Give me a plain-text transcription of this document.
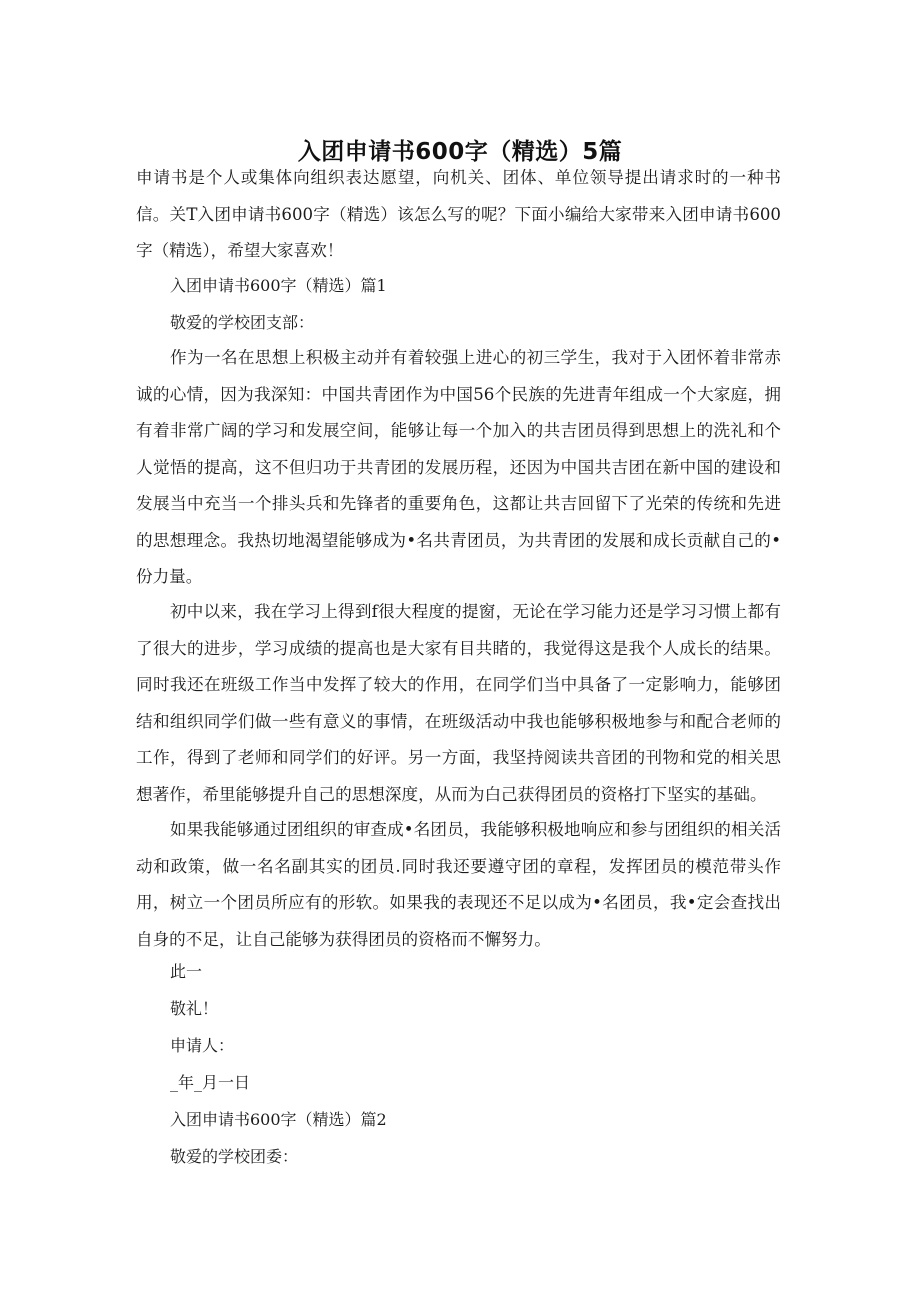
入团申请书600字（精选）5篇

申请书是个人或集体向组织表达愿望，向机关、团体、单位领导提出请求时的一种书信。关T入团申请书600字（精选）该怎么写的呢？下面小编给大家带来入团申请书600字（精选），希望大家喜欢！

入团申请书600字（精选）篇1

敬爱的学校团支部：

作为一名在思想上积极主动并有着较强上进心的初三学生，我对于入团怀着非常赤诚的心情，因为我深知：中国共青团作为中国56个民族的先进青年组成一个大家庭，拥有着非常广阔的学习和发展空间，能够让每一个加入的共吉团员得到思想上的洗礼和个人觉悟的提高，这不但归功于共青团的发展历程，还因为中国共吉团在新中国的建设和发展当中充当一个排头兵和先锋者的重要角色，这都让共吉回留下了光荣的传统和先进的思想理念。我热切地渴望能够成为•名共青团员，为共青团的发展和成长贡献自己的•份力量。

初中以来，我在学习上得到f很大程度的提窗，无论在学习能力还是学习习惯上都有了很大的进步，学习成绩的提高也是大家有目共睹的，我觉得这是我个人成长的结果。同时我还在班级工作当中发挥了较大的作用，在同学们当中具备了一定影响力，能够团结和组织同学们做一些有意义的事情，在班级活动中我也能够积极地参与和配合老师的工作，得到了老师和同学们的好评。另一方面，我坚持阅读共音团的刊物和党的相关思想著作，希里能够提升自己的思想深度，从而为白己获得团员的资格打下坚实的基础。

如果我能够通过团组织的审查成•名团员，我能够积极地响应和参与团组织的相关活动和政策，做一名名副其实的团员.同时我还要遵守团的章程，发挥团员的模范带头作用，树立一个团员所应有的形软。如果我的表现还不足以成为•名团员，我•定会查找出自身的不足，让自己能够为获得团员的资格而不懈努力。

此一

敬礼！

申请人：

_年_月一日

入团申请书600字（精选）篇2

敬爱的学校团委：
